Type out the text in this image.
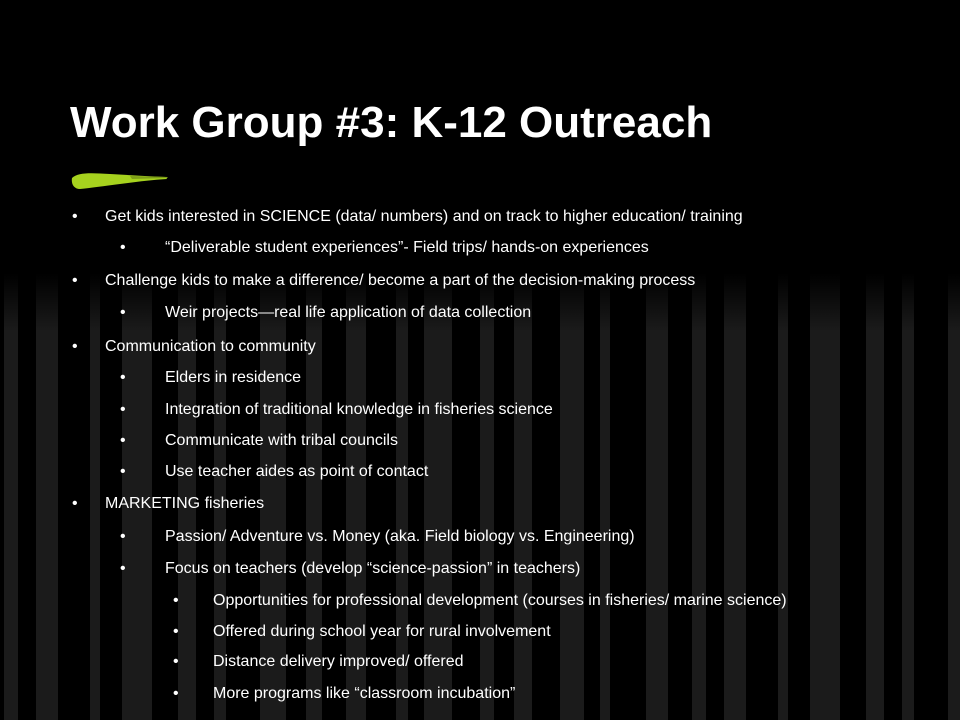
Work Group #3: K-12 Outreach
• Get kids interested in SCIENCE (data/ numbers) and on track to higher education/ training
• “Deliverable student experiences”- Field trips/ hands-on experiences
• Challenge kids to make a difference/ become a part of the decision-making process
• Weir projects—real life application of data collection
• Communication to community
• Elders in residence
• Integration of traditional knowledge in fisheries science
• Communicate with tribal councils
• Use teacher aides as point of contact
• MARKETING fisheries
• Passion/ Adventure vs. Money (aka. Field biology vs. Engineering)
• Focus on teachers (develop “science-passion” in teachers)
• Opportunities for professional development (courses in fisheries/ marine science)
• Offered during school year for rural involvement
• Distance delivery improved/ offered
• More programs like “classroom incubation”
